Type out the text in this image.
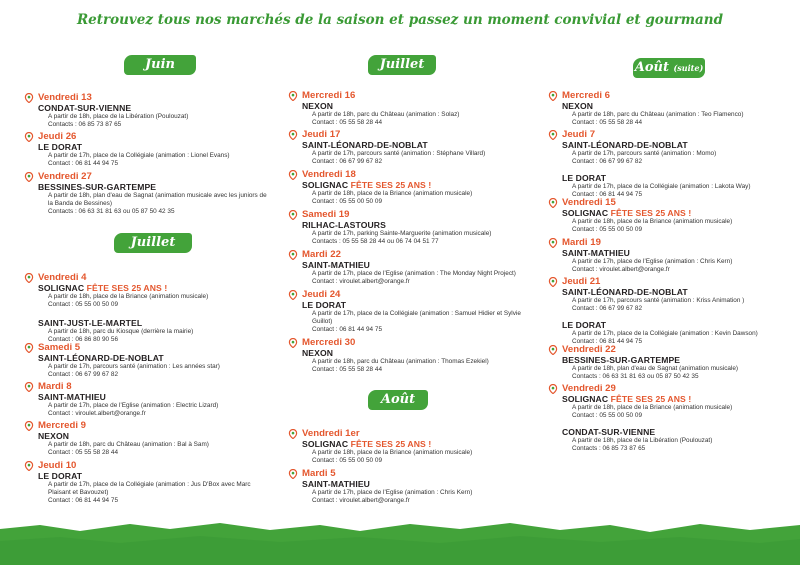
Retrouvez tous nos marchés de la saison et passez un moment convivial et gourmand
Juin
Vendredi 13
CONDAT-SUR-VIENNE
A partir de 18h, place de la Libération (Poulouzat)
Contacts : 06 85 73 87 65
Jeudi 26
LE DORAT
A partir de 17h, place de la Collégiale (animation : Lionel Evans)
Contact : 06 81 44 94 75
Vendredi 27
BESSINES-SUR-GARTEMPE
A partir de 18h, plan d'eau de Sagnat (animation musicale avec les juniors de la Banda de Bessines)
Contacts : 06 63 31 81 63 ou 05 87 50 42 35
Juillet
Vendredi 4
SOLIGNAC FÊTE SES 25 ANS !
A partir de 18h, place de la Briance (animation musicale)
Contact : 05 55 00 50 09
SAINT-JUST-LE-MARTEL
A partir de 18h, parc du Kiosque (derrière la mairie)
Contact : 06 86 80 90 56
Samedi 5
SAINT-LÉONARD-DE-NOBLAT
A partir de 17h, parcours santé (animation : Les années star)
Contact : 06 67 99 67 82
Mardi 8
SAINT-MATHIEU
A partir de 17h, place de l'Eglise (animation : Electric Lizard)
Contact : viroulet.albert@orange.fr
Mercredi 9
NEXON
A partir de 18h, parc du Château (animation : Bal à Sam)
Contact : 05 55 58 28 44
Jeudi 10
LE DORAT
A partir de 17h, place de la Collégiale (animation : Jus D'Box avec Marc Plaisant et Bavouzet)
Contact : 06 81 44 94 75
Juillet
Mercredi 16
NEXON
A partir de 18h, parc du Château (animation : Solaz)
Contact : 05 55 58 28 44
Jeudi 17
SAINT-LÉONARD-DE-NOBLAT
A partir de 17h, parcours santé (animation : Stéphane Villard)
Contact : 06 67 99 67 82
Vendredi 18
SOLIGNAC FÊTE SES 25 ANS !
A partir de 18h, place de la Briance (animation musicale)
Contact : 05 55 00 50 09
Samedi 19
RILHAC-LASTOURS
A partir de 17h, parking Sainte-Marguerite (animation musicale)
Contacts : 05 55 58 28 44 ou 06 74 04 51 77
Mardi 22
SAINT-MATHIEU
A partir de 17h, place de l'Eglise (animation : The Monday Night Project)
Contact : viroulet.albert@orange.fr
Jeudi 24
LE DORAT
A partir de 17h, place de la Collégiale (animation : Samuel Hidier et Sylvie Guillot)
Contact : 06 81 44 94 75
Mercredi 30
NEXON
A partir de 18h, parc du Château (animation : Thomas Ezekiel)
Contact : 05 55 58 28 44
Août
Vendredi 1er
SOLIGNAC FÊTE SES 25 ANS !
A partir de 18h, place de la Briance (animation musicale)
Contact : 05 55 00 50 09
Mardi 5
SAINT-MATHIEU
A partir de 17h, place de l'Eglise (animation : Chris Kern)
Contact : viroulet.albert@orange.fr
Août (suite)
Mercredi 6
NEXON
A partir de 18h, parc du Château (animation : Teo Flamenco)
Contact : 05 55 58 28 44
Jeudi 7
SAINT-LÉONARD-DE-NOBLAT
A partir de 17h, parcours santé (animation : Momo)
Contact : 06 67 99 67 82
LE DORAT
A partir de 17h, place de la Collégiale (animation : Lakota Way)
Contact : 06 81 44 94 75
Vendredi 15
SOLIGNAC FÊTE SES 25 ANS !
A partir de 18h, place de la Briance (animation musicale)
Contact : 05 55 00 50 09
Mardi 19
SAINT-MATHIEU
A partir de 17h, place de l'Eglise (animation : Chris Kern)
Contact : viroulet.albert@orange.fr
Jeudi 21
SAINT-LÉONARD-DE-NOBLAT
A partir de 17h, parcours santé (animation : Kriss Animation )
Contact : 06 67 99 67 82
LE DORAT
A partir de 17h, place de la Collégiale (animation : Kevin Dawson)
Contact : 06 81 44 94 75
Vendredi 22
BESSINES-SUR-GARTEMPE
A partir de 18h, plan d'eau de Sagnat (animation musicale)
Contacts : 06 63 31 81 63 ou 05 87 50 42 35
Vendredi 29
SOLIGNAC FÊTE SES 25 ANS !
A partir de 18h, place de la Briance (animation musicale)
Contact : 05 55 00 50 09
CONDAT-SUR-VIENNE
A partir de 18h, place de la Libération (Poulouzat)
Contacts : 06 85 73 87 65
